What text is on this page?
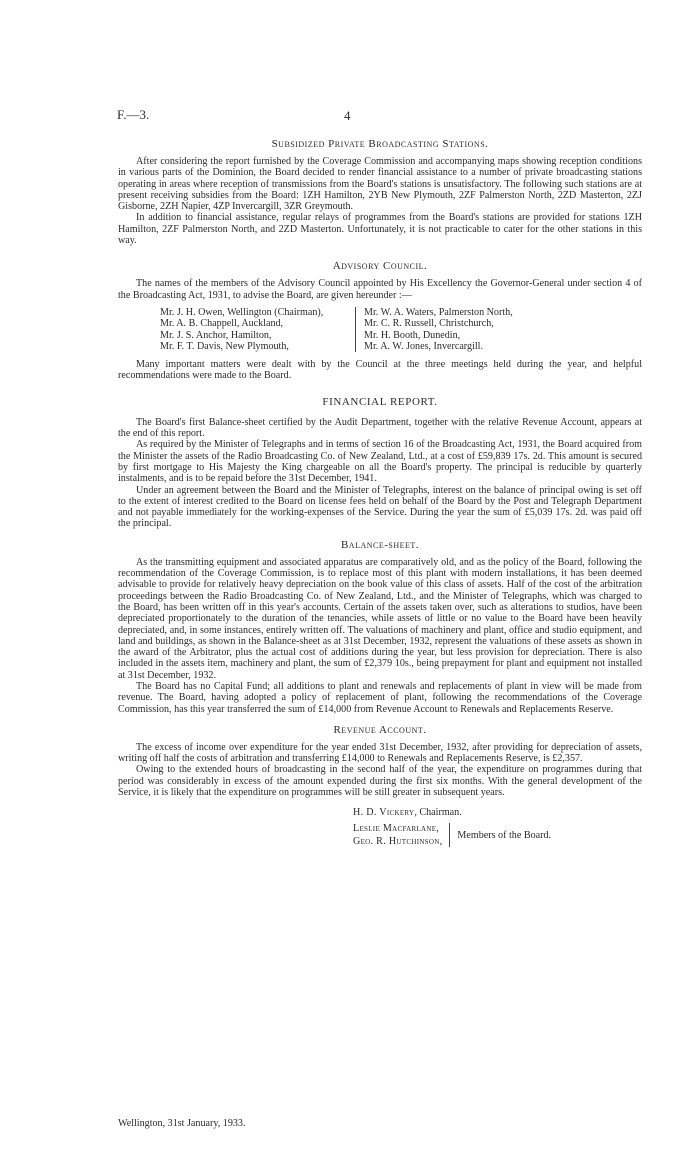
F.—3.	4
Subsidized Private Broadcasting Stations.

After considering the report furnished by the Coverage Commission and accompanying maps showing reception conditions in various parts of the Dominion, the Board decided to render financial assistance to a number of private broadcasting stations operating in areas where reception of transmissions from the Board's stations is unsatisfactory. The following such stations are at present receiving subsidies from the Board: 1ZH Hamilton, 2YB New Plymouth, 2ZF Palmerston North, 2ZD Masterton, 2ZJ Gisborne, 2ZH Napier, 4ZP Invercargill, 3ZR Greymouth.

In addition to financial assistance, regular relays of programmes from the Board's stations are provided for stations 1ZH Hamilton, 2ZF Palmerston North, and 2ZD Masterton. Unfortunately, it is not practicable to cater for the other stations in this way.

Advisory Council.

The names of the members of the Advisory Council appointed by His Excellency the Governor-General under section 4 of the Broadcasting Act, 1931, to advise the Board, are given hereunder :—

Mr. J. H. Owen, Wellington (Chairman),
Mr. A. B. Chappell, Auckland,
Mr. J. S. Anchor, Hamilton,
Mr. F. T. Davis, New Plymouth,
Mr. W. A. Waters, Palmerston North,
Mr. C. R. Russell, Christchurch,
Mr. H. Booth, Dunedin,
Mr. A. W. Jones, Invercargill.

Many important matters were dealt with by the Council at the three meetings held during the year, and helpful recommendations were made to the Board.

FINANCIAL REPORT.

The Board's first Balance-sheet certified by the Audit Department, together with the relative Revenue Account, appears at the end of this report.

As required by the Minister of Telegraphs and in terms of section 16 of the Broadcasting Act, 1931, the Board acquired from the Minister the assets of the Radio Broadcasting Co. of New Zealand, Ltd., at a cost of £59,839 17s. 2d. This amount is secured by first mortgage to His Majesty the King chargeable on all the Board's property. The principal is reducible by quarterly instalments, and is to be repaid before the 31st December, 1941.

Under an agreement between the Board and the Minister of Telegraphs, interest on the balance of principal owing is set off to the extent of interest credited to the Board on license fees held on behalf of the Board by the Post and Telegraph Department and not payable immediately for the working-expenses of the Service. During the year the sum of £5,039 17s. 2d. was paid off the principal.

Balance-sheet.

As the transmitting equipment and associated apparatus are comparatively old, and as the policy of the Board, following the recommendation of the Coverage Commission, is to replace most of this plant with modern installations, it has been deemed advisable to provide for relatively heavy depreciation on the book value of this class of assets. Half of the cost of the arbitration proceedings between the Radio Broadcasting Co. of New Zealand, Ltd., and the Minister of Telegraphs, which was charged to the Board, has been written off in this year's accounts. Certain of the assets taken over, such as alterations to studios, have been depreciated proportionately to the duration of the tenancies, while assets of little or no value to the Board have been heavily depreciated, and, in some instances, entirely written off. The valuations of machinery and plant, office and studio equipment, and land and buildings, as shown in the Balance-sheet as at 31st December, 1932, represent the valuations of these assets as shown in the award of the Arbitrator, plus the actual cost of additions during the year, but less provision for depreciation. There is also included in the assets item, machinery and plant, the sum of £2,379 10s., being prepayment for plant and equipment not installed at 31st December, 1932.

The Board has no Capital Fund; all additions to plant and renewals and replacements of plant in view will be made from revenue. The Board, having adopted a policy of replacement of plant, following the recommendations of the Coverage Commission, has this year transferred the sum of £14,000 from Revenue Account to Renewals and Replacements Reserve.

Revenue Account.

The excess of income over expenditure for the year ended 31st December, 1932, after providing for depreciation of assets, writing off half the costs of arbitration and transferring £14,000 to Renewals and Replacements Reserve, is £2,357.

Owing to the extended hours of broadcasting in the second half of the year, the expenditure on programmes during that period was considerably in excess of the amount expended during the first six months. With the general development of the Service, it is likely that the expenditure on programmes will be still greater in subsequent years.

H. D. Vickery, Chairman.
Leslie Macfarlane,
Geo. R. Hutchinson,
Members of the Board.
Wellington, 31st January, 1933.
